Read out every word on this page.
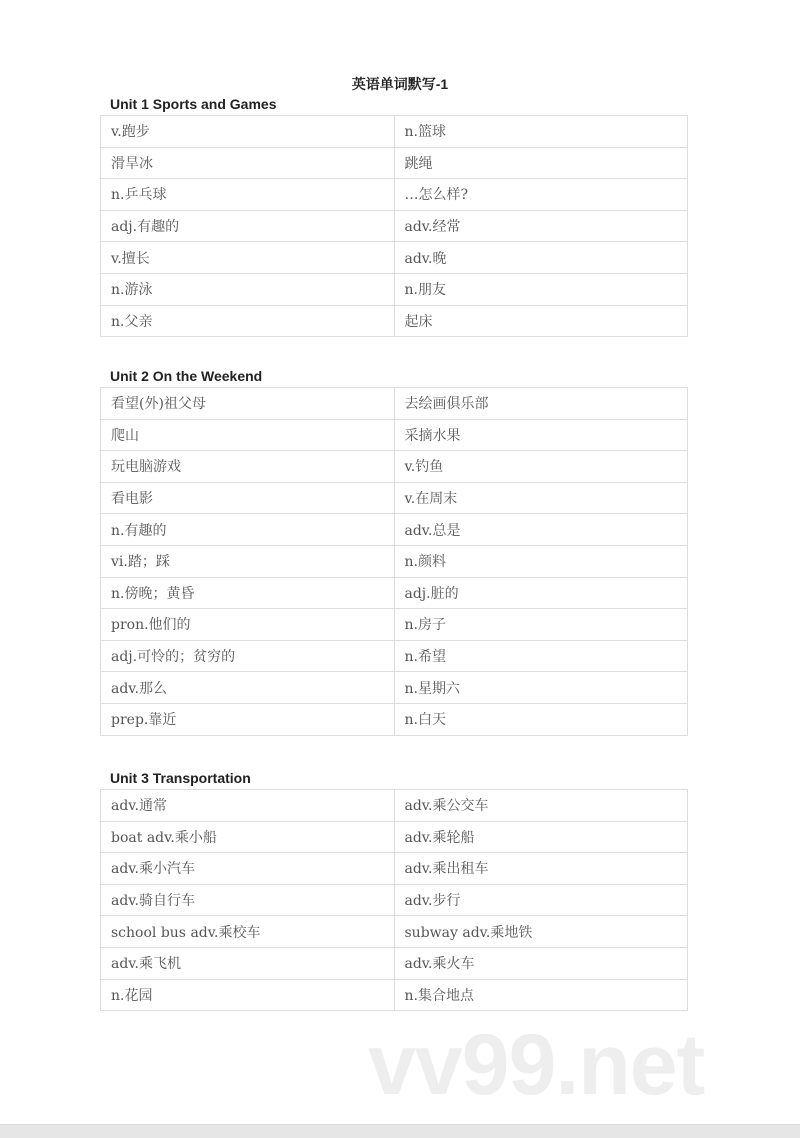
英语单词默写-1
Unit 1 Sports and Games
v.跑步	n.篮球
滑旱冰	跳绳
n.乒乓球	…怎么样?
adj.有趣的	adv.经常
v.擅长	adv.晚
n.游泳	n.朋友
n.父亲	起床
Unit 2 On the Weekend
看望(外)祖父母	去绘画俱乐部
爬山	采摘水果
玩电脑游戏	v.钓鱼
看电影	v.在周末
n.有趣的	adv.总是
vi.踏；踩	n.颜料
n.傍晚；黄昏	adj.脏的
pron.他们的	n.房子
adj.可怜的；贫穷的	n.希望
adv.那么	n.星期六
prep.靠近	n.白天
Unit 3 Transportation
adv.通常	adv.乘公交车
boat adv.乘小船	adv.乘轮船
adv.乘小汽车	adv.乘出租车
adv.骑自行车	adv.步行
school bus adv.乘校车	subway adv.乘地铁
adv.乘飞机	adv.乘火车
n.花园	n.集合地点
vv99.net
